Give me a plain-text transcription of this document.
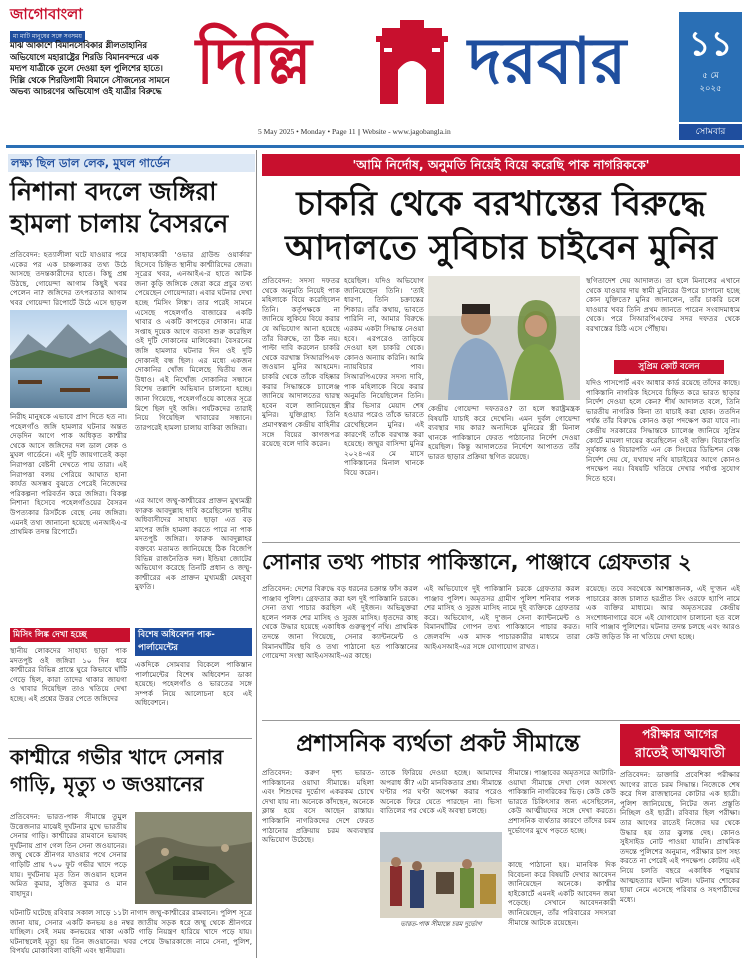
জাগোবাংলা
মা মাটি মানুষের সঙ্গে সবসময়
মাঝ আকাশে বিমানসেবিকার শ্লীলতাহানির অভিযোগে মহারাষ্ট্রের শিরডি বিমানবন্দরে এক মদ্যপ যাত্রীকে তুলে দেওয়া হল পুলিশের হাতে। দিল্লি থেকে শিরডিগামী বিমানে সৌজন্যের সামনে অভব্য আচরণের অভিযোগ ওই যাত্রীর বিরুদ্ধে দিল্লি দরবার
5 May 2025 • Monday • Page 11 || Website - www.jagobangla.in
১১
৫ মে ২০২৫
সোমবার
লক্ষ্য ছিল ডাল লেক, মুঘল গার্ডেন
নিশানা বদলে জঙ্গিরা হামলা চালায় বৈসরনে
প্রতিবেদন: হত্যালীলা ঘটে যাওয়ার পরে একের পর এক চাঞ্চল্যকর তথ্য উঠে আসছে তদন্তকারীদের হাতে। কিছু প্রশ্ন উঠছে, গোয়েন্দা আগাম কিছুই খবর পেলেন না? জঙ্গিদের তৎপরতার আগাম খবর গোয়েন্দা রিপোর্টে উঠে এসে ছাড়ল
নিরীহ মানুষকে এভাবে প্রাণ দিতে হত না। পহেলগাঁও জঙ্গি হামলার ঘটনার অন্তত দেড়দিন আগে পাক অধিকৃত কাশ্মীর থেকে আসে জঙ্গিদের দল ডাল লেক ও মুঘল গার্ডেনে। এই দুটি জায়গাতেই কড়া নিরাপত্তা বেষ্টনী দেখতে পায় তারা। এই নিরাপত্তা বলয় পেরিয়ে আঘাত হানা কার্যত অসম্ভব বুঝতে পেরেই নিজেদের পরিকল্পনা পরিবর্তন করে জঙ্গিরা। বিকল্প নিশানা হিসেবে পহেলগাঁওয়ের বৈসরন উপত্যকার রিসর্টকে বেছে নেয় জঙ্গিরা। এমনই তথ্য জানানো হয়েছে এনআইএ-র প্রাথমিক তদন্ত রিপোর্টে।
সাহায্যকারী 'ওভার গ্রাউন্ড ওয়ার্কার' হিসেবে চিহ্নিত স্থানীয় কাশ্মীরিদের জেরা। সূত্রের খবর, এনআইএ-র হাতে আটক জনা কুড়ি জঙ্গিকে জেরা করে প্রচুর তথ্য পেয়েছেন গোয়েন্দারা। এবার ঘটনার দেখা হচ্ছে 'মিসিং লিঙ্ক'। তার পরেই সামনে এসেছে পহেলগাঁও বাজারের একটি খাবার ও একটি কাপড়ের দোকান। মাত্র সপ্তাহ দুয়েক আগে ব্যবসা শুরু করেছিল ওই দুটি দোকানের মালিকেরা। বৈসরনের জঙ্গি হামলার ঘটনার দিন ওই দুটি দোকানই বন্ধ ছিল। এর মধ্যে একজন দোকানির খোঁজ মিলেছে দ্বিতীয় জন উধাও। এই নিখোঁজ দোকানির সন্ধানে বিশেষ তল্লাশি অভিযান চালানো হচ্ছে। জানা গিয়েছে, পহেলগাঁওয়ে কাজের সূত্রে মিশে ছিল দুই জঙ্গি। পর্যটকদের তারাই নিয়ে গিয়েছিল খাবারের সন্ধানে। তারপরেই হামলা চালায় বাকিরা জঙ্গিরা।
এর আগে জম্মু-কাশ্মীরের প্রাক্তন মুখ্যমন্ত্রী ফারুক আবদুল্লাহ দাবি করেছিলেন স্থানীয় অধিবাসীদের সাহায্য ছাড়া এত বড় মাপের জঙ্গি হামলা করতে পারে না পাক মদতপুষ্ট জঙ্গিরা। ফারুক আবদুল্লাহর বক্তব্যে মতামত জানিয়েছে ঠিক বিজেপি বিভিন্ন রাজনৈতিক দল। ইন্ডিয়া জোটের অভিযোগ করেছে তিনটি প্রধান ও জম্মু-কাশ্মীরের এক প্রাক্তন মুখ্যমন্ত্রী মেহবুবা মুফতি।
মিসিং লিঙ্ক দেখা হচ্ছে
স্থানীয় লোকদের সাহায্য ছাড়া পাক মদতপুষ্ট ওই জঙ্গিরা ১০ দিন ধরে কাশ্মীরের বিভিন্ন প্রান্তে ঘুরে কিভাবে ঘাঁটি গেড়ে ছিল, কারা তাদের থাকার জায়গা ও খাবার দিয়েছিল তাও খতিয়ে দেখা হচ্ছে। এই প্রশ্নের উত্তর পেতে জঙ্গিদের
বিশেষ অধিবেশন পাক-পার্লামেন্টের
একদিকে সোমবার বিকেলে পাকিস্তান পার্লামেন্টের বিশেষ অধিবেশন ডাকা হয়েছে। পহেলগাঁও ও ভারতের সঙ্গে সম্পর্ক নিয়ে আলোচনা হবে এই অধিবেশনে।
কাশ্মীরে গভীর খাদে সেনার গাড়ি, মৃত্যু ৩ জওয়ানের
প্রতিবেদন: ভারত-পাক সীমান্তে তুমুল উত্তেজনার মাঝেই দুর্ঘটনার মুখে ভারতীয় সেনার গাড়ি। কাশ্মীরের রামবানে ভয়াবহ দুর্ঘটনায় প্রাণ গেল তিন সেনা জওয়ানের। জম্মু থেকে শ্রীনগর যাওয়ার পথে সেনার গাড়িটি প্রায় ৭০০ ফুট গভীর খাদে পড়ে যায়। দুর্ঘটনায় মৃত তিন জওয়ান হলেন অমিত কুমার, সুজিত কুমার ও মান বাহাদুর।
ঘটনাটি ঘটেছে রবিবার সকাল সাড়ে ১১টা নাগাদ জম্মু-কাশ্মীরের রামবানে। পুলিশ সূত্রে জানা যায়, সেনার একটি কনভয় ৪৪ নম্বর জাতীয় সড়ক ধরে জম্মু থেকে শ্রীনগরে যাচ্ছিল। সেই সময় কনভয়ের থাকা একটি গাড়ি নিয়ন্ত্রণ হারিয়ে খাদে পড়ে যায়। ঘটনাস্থলেই মৃত্যু হয় তিন জওয়ানের। খবর পেয়ে উদ্ধারকাজে নামে সেনা, পুলিশ, বিপর্যয় মোকাবিলা বাহিনী এবং স্থানীয়রা।
'আমি নির্দোষ, অনুমতি নিয়েই বিয়ে করেছি পাক নাগরিককে'
চাকরি থেকে বরখাস্তের বিরুদ্ধে
আদালতে সুবিচার চাইবেন মুনির
প্রতিবেদন: সদস্য দফতর থেকে অনুমতি নিয়েই পাক মহিলাকে বিয়ে করেছিলেন তিনি। কর্তৃপক্ষকে না জানিয়ে লুকিয়ে বিয়ে করার যে অভিযোগ আনা হয়েছে তাঁর বিরুদ্ধে, তা ঠিক নয়। পাল্টা দাবি করলেন চাকরি থেকে বরখাস্ত সিআরপিএফ জওয়ান মুনির আহমেদ। চাকরি থেকে তাঁকে বহিষ্কার করার সিদ্ধান্তকে চ্যালেঞ্জ জানিয়ে আদালতের দ্বারস্থ হবেন বলে জানিয়েছেন মুনির। যুক্তিগ্রাহ্য তিনি প্রমাণস্বরূপ কেন্দ্রীয় বাহিনীর সঙ্গে বিয়ের কাগজপত্র রয়েছে বলে দাবি করেন।
হয়েছিল। যদিও অভিযোগ জানিয়েছেন তিনি। 'তাই ধারণা, তিনি চক্রান্তের শিকার। তাঁর কথায়, ভাবতে পারিনি না, আমার বিরুদ্ধে এরকম একটা সিদ্ধান্ত নেওয়া হবে। এরপরেও তাড়িয়ে দেওয়া হল চাকরি থেকে। কোনও অন্যায় করিনি। আমি ন্যায়বিচার পাব। সিআরপিএফের সদস্য দাবি, পাক মহিলাকে বিয়ে করার অনুমতি নিয়েছিলেন তিনি। স্ত্রীর ভিসার মেয়াদ শেষ হওয়ার পরেও তাঁকে ভারতে রেখেছিলেন মুনির। এই কারণেই তাঁকে বরখাস্ত করা হয়েছে। জম্মুর বাসিন্দা মুনির ২০২৪-এর মে মাসে পাকিস্তানের মিনাল খানকে বিয়ে করেন।
কেন্দ্রীয় গোয়েন্দা দফতরও? তা হলে স্বরাষ্ট্রমন্ত্রক বিষয়টি যাচাই করে দেখেনি। এমন দুর্বল গোয়েন্দা ব্যবস্থার দায় কার? অন্যদিকে মুনিরের স্ত্রী মিনাল খানকে পাকিস্তানে ফেরত পাঠানোর নির্দেশ দেওয়া হয়েছিল। কিন্তু আদালতের নির্দেশে আপাতত তাঁর ভারত ছাড়ার প্রক্রিয়া স্থগিত রয়েছে।
স্থগিতাদেশ দেয় আদালত। তা হলে মিনালের এখানে থেকে যাওয়ার দায় স্বামী মুনিরের উপরে চাপানো হচ্ছে কোন যুক্তিতে? মুনির জানালেন, তাঁর চাকরি চলে যাওয়ার খবর তিনি প্রথম জানতে পারেন সংবাদমাধ্যম থেকে। পরে সিআরপিএফের সদর দফতর থেকে বরখাস্তের চিঠি এসে পৌঁছায়।
সুপ্রিম কোর্ট বলেন
যদিও পাসপোর্ট এবং আধার কার্ড রয়েছে তাঁদের কাছে। পাকিস্তানি নাগরিক হিসেবে চিহ্নিত করে ভারত ছাড়ার নির্দেশ দেওয়া হলে কেন? শীর্ষ আদালত বলে, তিনি ভারতীয় নাগরিক কিনা তা যাচাই করা হোক। ততদিন পর্যন্ত তাঁর বিরুদ্ধে কোনও কড়া পদক্ষেপ করা যাবে না। কেন্দ্রীয় সরকারের সিদ্ধান্তকে চ্যালেঞ্জ জানিয়ে সুপ্রিম কোর্টে মামলা দায়ের করেছিলেন ওই ব্যক্তি। বিচারপতি সূর্যকান্ত ও বিচারপতি এন কে সিংয়ের ডিভিশন বেঞ্চ নির্দেশ দেয় যে, যথাযথ নথি যাচাইয়ের আগে কোনও পদক্ষেপ নয়। বিষয়টি খতিয়ে দেখার পর্যাপ্ত সুযোগ দিতে হবে।
সোনার তথ্য পাচার পাকিস্তানে, পাঞ্জাবে গ্রেফতার ২
প্রতিবেদন: দেশের বিরুদ্ধে বড় ধরনের চক্রান্ত ফাঁস করল পাঞ্জাব পুলিশ। গ্রেফতার করা হল দুই পাকিস্তানি চরকে। সেনা তথ্য পাচার করছিল এই দুইজন। অভিযুক্তরা হলেন পলক শের মাসিহ ও সুরজ মাসিহ। ধৃতদের কাছ থেকে উদ্ধার হয়েছে একাধিক গুরুত্বপূর্ণ নথি। প্রাথমিক তদন্তে জানা গিয়েছে, সেনার ক্যান্টনমেন্ট ও বিমানঘাঁটির ছবি ও তথ্য পাঠানো হত পাকিস্তানের গোয়েন্দা সংস্থা আইএসআই-এর কাছে।
এই অভিযোগে দুই পাকিস্তানি চরকে গ্রেফতার করল পাঞ্জাব পুলিশ। অমৃতসর গ্রামীণ পুলিশ শনিবার পলক শের মাসিহ ও সুরজ মাসিহ নামে দুই ব্যক্তিকে গ্রেফতার করে। অভিযোগ, এই দু'জন সেনা ক্যান্টনমেন্ট ও বিমানঘাঁটির গোপন তথ্য পাকিস্তানে পাচার করত। জেলবন্দি এক মাদক পাচারকারীর মাধ্যমে তারা আইএসআই-এর সঙ্গে যোগাযোগ রাখত।
রয়েছে। তবে সবথেকে আশঙ্কাজনক, এই দু'জন এই পাচারের কাজ চালাত হরপ্রীত সিং ওরফে হ্যাপি নামে এক ব্যক্তির মাধ্যমে। আর অমৃতসরের কেন্দ্রীয় সংশোধনাগারে বসে এই যোগাযোগ চালানো হত বলে দাবি পাঞ্জাব পুলিশের। ঘটনার তদন্ত চলছে এবং আরও কেউ জড়িত কি না খতিয়ে দেখা হচ্ছে।
প্রশাসনিক ব্যর্থতা প্রকট সীমান্তে
প্রতিবেদন: করুণ দৃশ্য ভারত-পাকিস্তানের ওয়াঘা সীমান্তে। মহিলা এবং শিশুদের দুর্ভোগ একরকম চোখে দেখা যায় না। অনেকে কাঁদছেন, অনেকে ক্লান্ত হয়ে বসে আছেন রাস্তায়। পাকিস্তানি নাগরিকদের দেশে ফেরত পাঠানোর প্রক্রিয়ায় চরম অব্যবস্থার অভিযোগ উঠেছে।
তাকে ফিরিয়ে দেওয়া হচ্ছে। আমাদের অপরাধ কী? এটা মানবিকতার প্রশ্ন। সীমান্তে ঘণ্টার পর ঘণ্টা অপেক্ষা করার পরেও অনেকে ফিরে যেতে পারছেন না। ভিসা বাতিলের পর থেকে এই অবস্থা চলছে।
ভারত-পাক সীমান্তে চরম দুর্ভোগ
সীমান্তে। পাঞ্জাবের অমৃতসরে আটারি-ওয়াঘা সীমান্তে দেখা গেল অসংখ্য পাকিস্তানি নাগরিকের ভিড়। কেউ কেউ ভারতে চিকিৎসার জন্য এসেছিলেন, কেউ আত্মীয়দের সঙ্গে দেখা করতে। প্রশাসনিক ব্যর্থতার কারণে তাঁদের চরম দুর্ভোগের মুখে পড়তে হচ্ছে।
কাছে পাঠানো হয়। মানবিক দিক বিবেচনা করে বিষয়টি দেখার আবেদন জানিয়েছেন অনেকে। কাশ্মীর হাইকোর্টে এমনই একটি আবেদন জমা পড়েছে। সেখানে আবেদনকারী জানিয়েছেন, তাঁর পরিবারের সদস্যরা সীমান্তে আটকে রয়েছেন।
পরীক্ষার আগের
রাতেই আত্মঘাতী
প্রতিবেদন: ডাক্তারি প্রবেশিকা পরীক্ষার আগের রাতে চরম সিদ্ধান্ত। নিজেকে শেষ করে দিল রাজস্থানের কোটার এক ছাত্রী। পুলিশ জানিয়েছে, নিটের জন্য প্রস্তুতি নিচ্ছিল ওই ছাত্রী। রবিবার ছিল পরীক্ষা। তার আগের রাতেই নিজের ঘর থেকে উদ্ধার হয় তার ঝুলন্ত দেহ। কোনও সুইসাইড নোট পাওয়া যায়নি। প্রাথমিক তদন্তে পুলিশের অনুমান, পরীক্ষার চাপ সহ্য করতে না পেরেই এই পদক্ষেপ। কোটায় এই নিয়ে চলতি বছরে একাধিক পড়ুয়ার আত্মহত্যার ঘটনা ঘটল। ঘটনায় শোকের ছায়া নেমে এসেছে পরিবার ও সহপাঠীদের মধ্যে।
